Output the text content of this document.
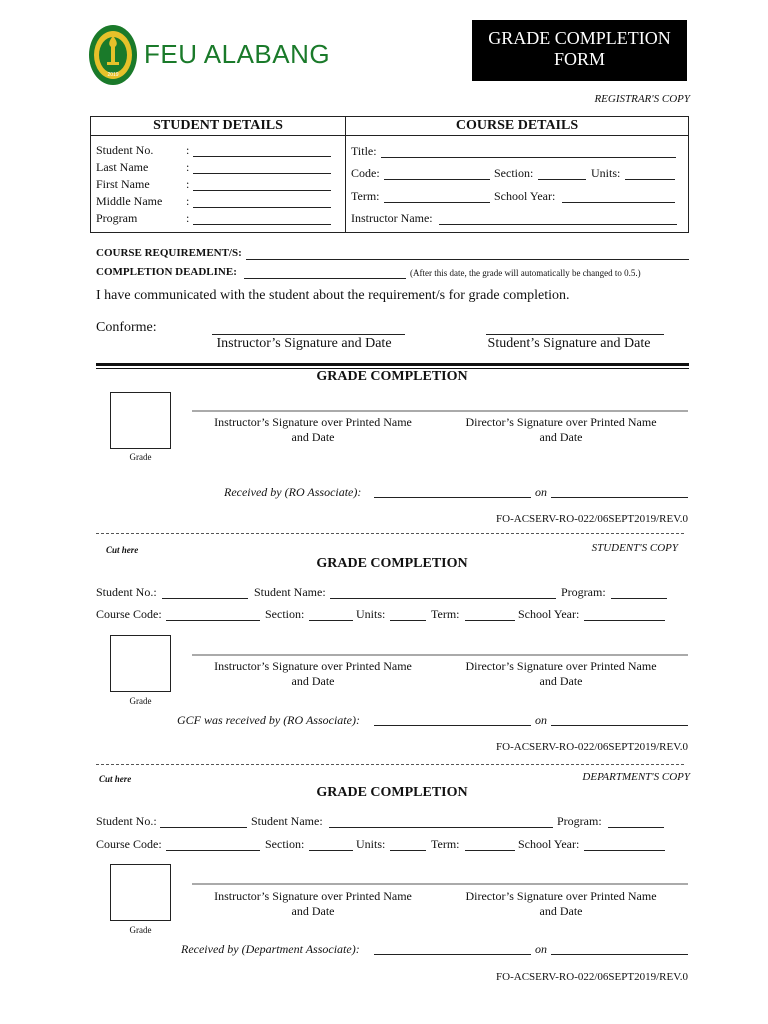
2019
FEU ALABANG
GRADE COMPLETION
FORM
REGISTRAR'S COPY
STUDENT DETAILS	COURSE DETAILS

Student No.	:
Last Name	:
First Name	:
Middle Name :
Program	:
Title:
Code:	Section:	Units:
Term:	School Year:
Instructor Name:
COURSE REQUIREMENT/S:
COMPLETION DEADLINE:	(After this date, the grade will automatically be changed to 0.5.)
I have communicated with the student about the requirement/s for grade completion.
Conforme:
Instructor’s Signature and Date	Student’s Signature and Date
GRADE COMPLETION
Grade
Instructor’s Signature over Printed Name
and Date
Director’s Signature over Printed Name
and Date
Received by (RO Associate):	on
FO-ACSERV-RO-022/06SEPT2019/REV.0
Cut here	STUDENT'S COPY
GRADE COMPLETION
Student No.:	Student Name:	Program:
Course Code:	Section:	Units:	Term:	School Year:
Grade
Instructor’s Signature over Printed Name
and Date
Director’s Signature over Printed Name
and Date
GCF was received by (RO Associate):	on
FO-ACSERV-RO-022/06SEPT2019/REV.0
Cut here	DEPARTMENT'S COPY
GRADE COMPLETION
Student No.:	Student Name:	Program:
Course Code:	Section:	Units:	Term:	School Year:
Grade
Instructor’s Signature over Printed Name
and Date
Director’s Signature over Printed Name
and Date
Received by (Department Associate):	on
FO-ACSERV-RO-022/06SEPT2019/REV.0
